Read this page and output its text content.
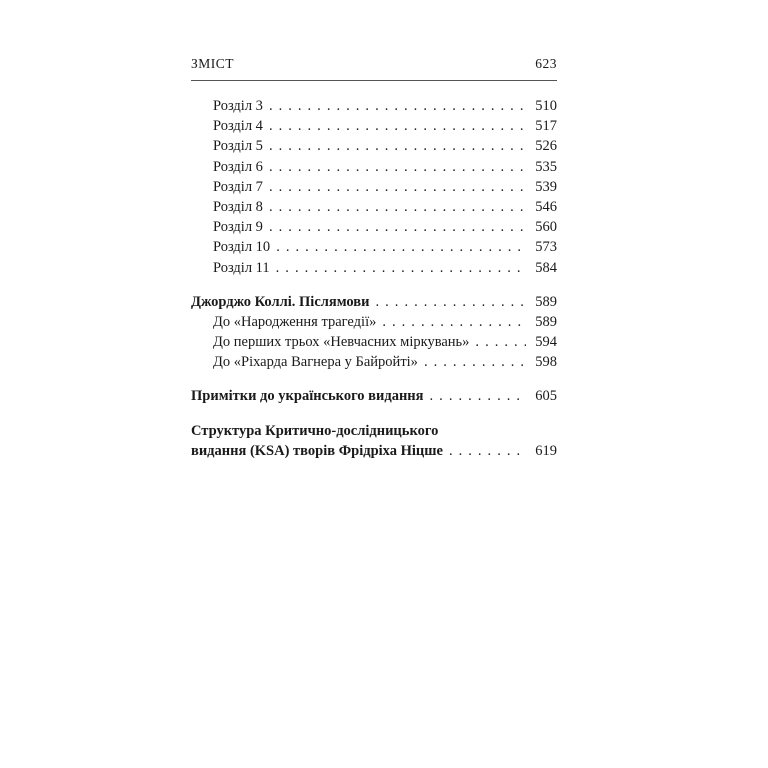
ЗМІСТ	623
Розділ 3 . . .	510
Розділ 4 . . .	517
Розділ 5 . . .	526
Розділ 6 . . .	535
Розділ 7 . . .	539
Розділ 8 . . .	546
Розділ 9 . . .	560
Розділ 10 . . .	573
Розділ 11 . . .	584
Джорджо Коллі. Післямови . . .	589
До «Народження трагедії» . . .	589
До перших трьох «Невчасних міркувань» . . .	594
До «Ріхарда Вагнера у Байройті» . . .	598
Примітки до українського видання . . .	605
Структура Критично-дослідницького
видання (KSA) творів Фрідріха Ніцше . . .	619
